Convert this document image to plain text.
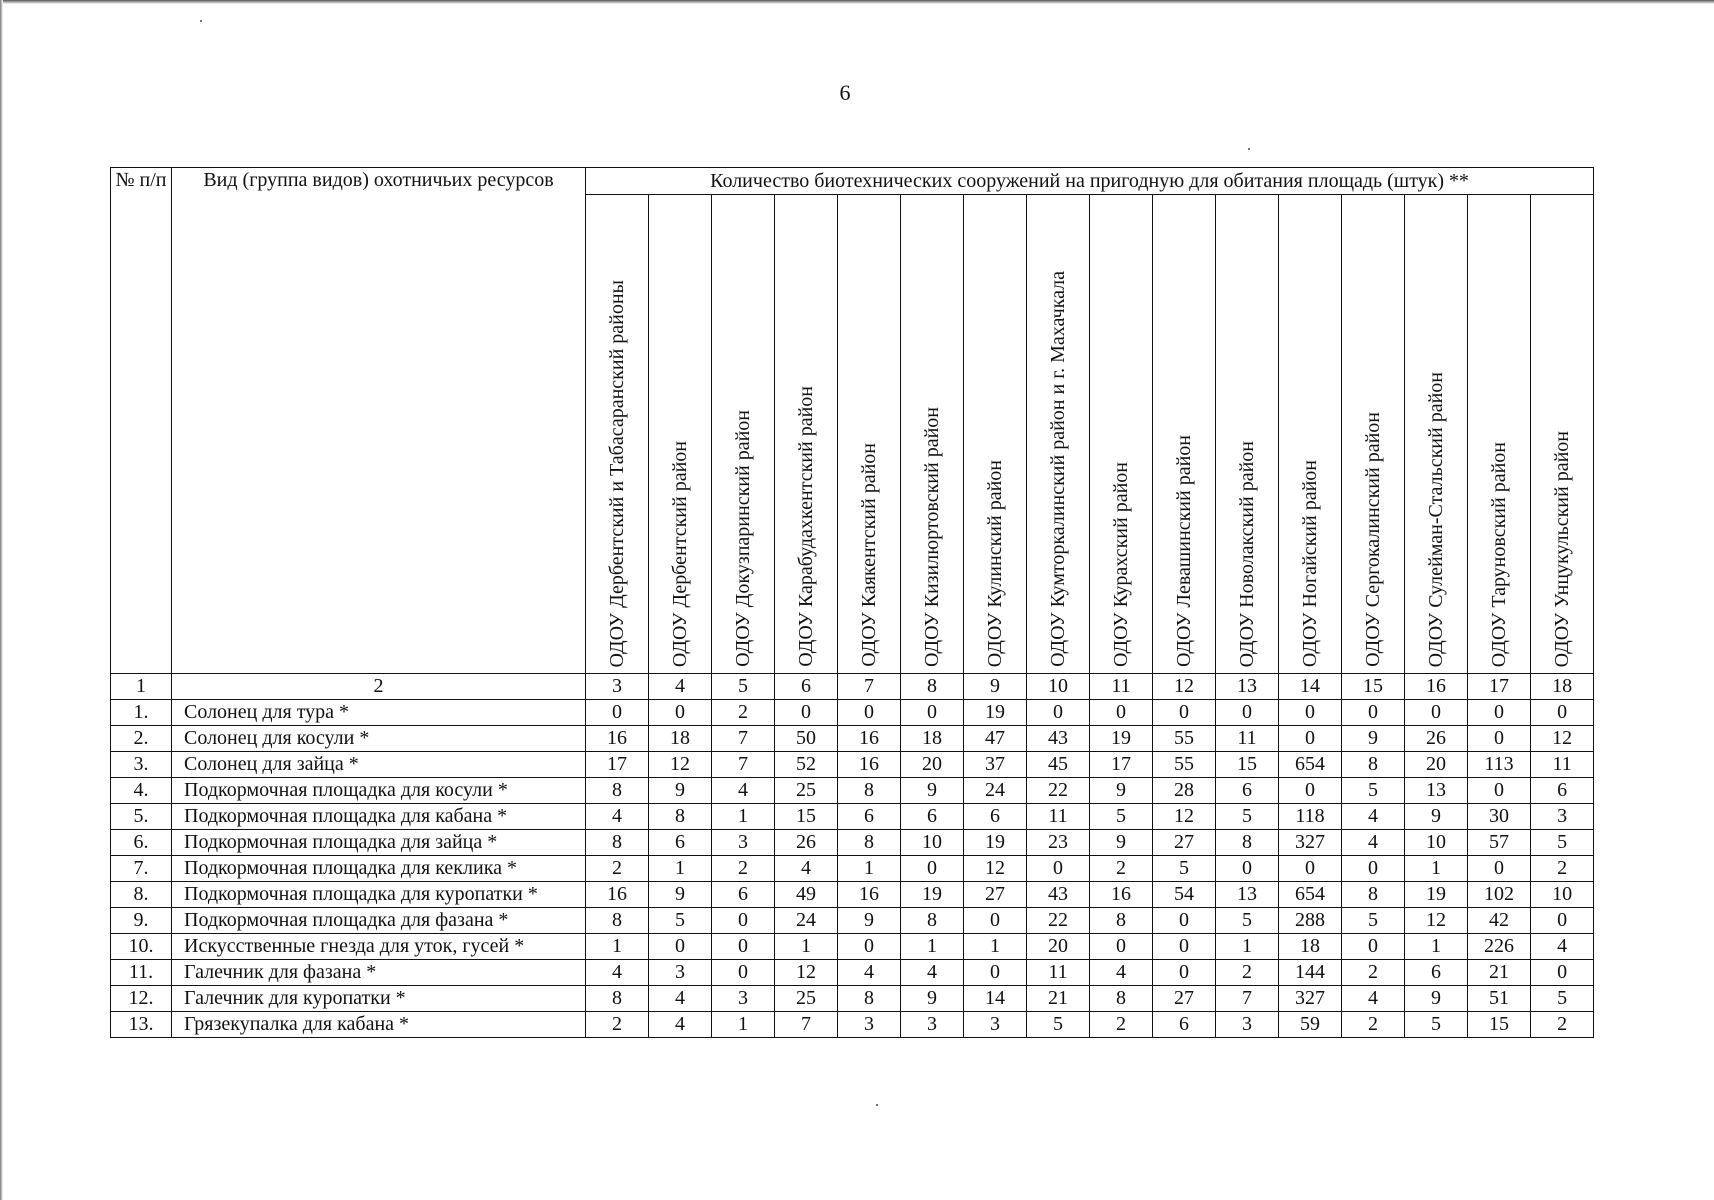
6
№ п/п	Вид (группа видов) охотничьих ресурсов	Количество биотехнических сооружений на пригодную для обитания площадь (штук) **															

		ОДОУ Дербентский и Табасаранский районы	ОДОУ Дербентский район	ОДОУ Докузпаринский район	ОДОУ Карабудахкентский район	ОДОУ Каякентский район	ОДОУ Кизилюртовский район	ОДОУ Кулинский район	ОДОУ Кумторкалинский район и г. Махачкала	ОДОУ Курахский район	ОДОУ Левашинский район	ОДОУ Новолакский район	ОДОУ Ногайский район	ОДОУ Сергокалинский район	ОДОУ Сулейман-Стальский район	ОДОУ Таруновский район	ОДОУ Унцукульский район

1	2	3	4	5	6	7	8	9	10	11	12	13	14	15	16	17	18
1.	Солонец для тура *	0	0	2	0	0	0	19	0	0	0	0	0	0	0	0	0
2.	Солонец для косули *	16	18	7	50	16	18	47	43	19	55	11	0	9	26	0	12
3.	Солонец для зайца *	17	12	7	52	16	20	37	45	17	55	15	654	8	20	113	11
4.	Подкормочная площадка для косули *	8	9	4	25	8	9	24	22	9	28	6	0	5	13	0	6
5.	Подкормочная площадка для кабана *	4	8	1	15	6	6	6	11	5	12	5	118	4	9	30	3
6.	Подкормочная площадка для зайца *	8	6	3	26	8	10	19	23	9	27	8	327	4	10	57	5
7.	Подкормочная площадка для кеклика *	2	1	2	4	1	0	12	0	2	5	0	0	0	1	0	2
8.	Подкормочная площадка для куропатки *	16	9	6	49	16	19	27	43	16	54	13	654	8	19	102	10
9.	Подкормочная площадка для фазана *	8	5	0	24	9	8	0	22	8	0	5	288	5	12	42	0
10.	Искусственные гнезда для уток, гусей *	1	0	0	1	0	1	1	20	0	0	1	18	0	1	226	4
11.	Галечник для фазана *	4	3	0	12	4	4	0	11	4	0	2	144	2	6	21	0
12.	Галечник для куропатки *	8	4	3	25	8	9	14	21	8	27	7	327	4	9	51	5
13.	Грязекупалка для кабана *	2	4	1	7	3	3	3	5	2	6	3	59	2	5	15	2
